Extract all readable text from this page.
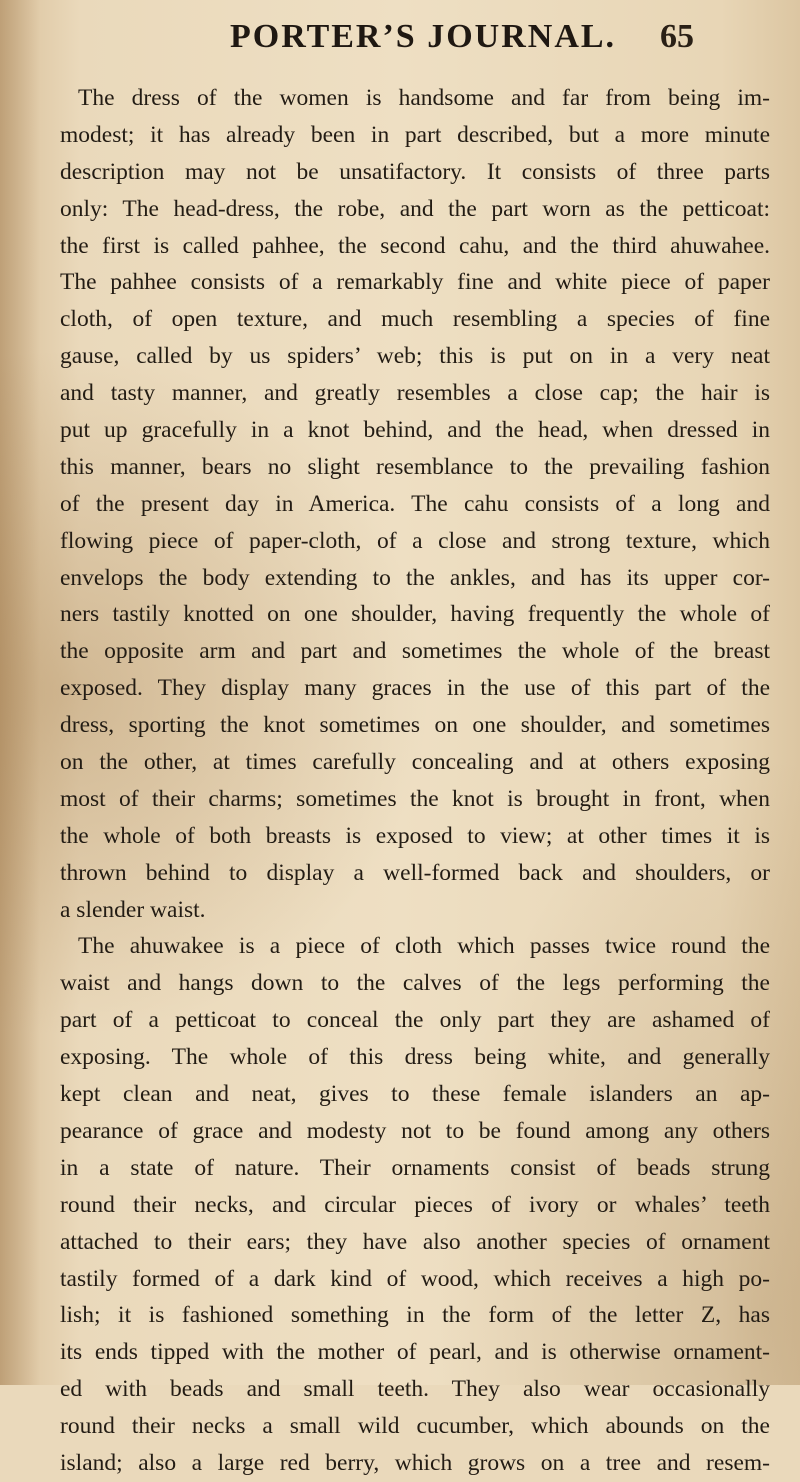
PORTER’S JOURNAL. 65
The dress of the women is handsome and far from being im-
modest; it has already been in part described, but a more minute
description may not be unsatifactory. It consists of three parts
only: The head-dress, the robe, and the part worn as the petticoat:
the first is called pahhee, the second cahu, and the third ahuwahee.
The pahhee consists of a remarkably fine and white piece of paper
cloth, of open texture, and much resembling a species of fine
gause, called by us spiders’ web; this is put on in a very neat
and tasty manner, and greatly resembles a close cap; the hair is
put up gracefully in a knot behind, and the head, when dressed in
this manner, bears no slight resemblance to the prevailing fashion
of the present day in America. The cahu consists of a long and
flowing piece of paper-cloth, of a close and strong texture, which
envelops the body extending to the ankles, and has its upper cor-
ners tastily knotted on one shoulder, having frequently the whole of
the opposite arm and part and sometimes the whole of the breast
exposed. They display many graces in the use of this part of the
dress, sporting the knot sometimes on one shoulder, and sometimes
on the other, at times carefully concealing and at others exposing
most of their charms; sometimes the knot is brought in front, when
the whole of both breasts is exposed to view; at other times it is
thrown behind to display a well-formed back and shoulders, or
a slender waist.
The ahuwakee is a piece of cloth which passes twice round the
waist and hangs down to the calves of the legs performing the
part of a petticoat to conceal the only part they are ashamed of
exposing. The whole of this dress being white, and generally
kept clean and neat, gives to these female islanders an ap-
pearance of grace and modesty not to be found among any others
in a state of nature. Their ornaments consist of beads strung
round their necks, and circular pieces of ivory or whales’ teeth
attached to their ears; they have also another species of ornament
tastily formed of a dark kind of wood, which receives a high po-
lish; it is fashioned something in the form of the letter Z, has
its ends tipped with the mother of pearl, and is otherwise ornament-
ed with beads and small teeth. They also wear occasionally
round their necks a small wild cucumber, which abounds on the
island; also a large red berry, which grows on a tree and resem-
